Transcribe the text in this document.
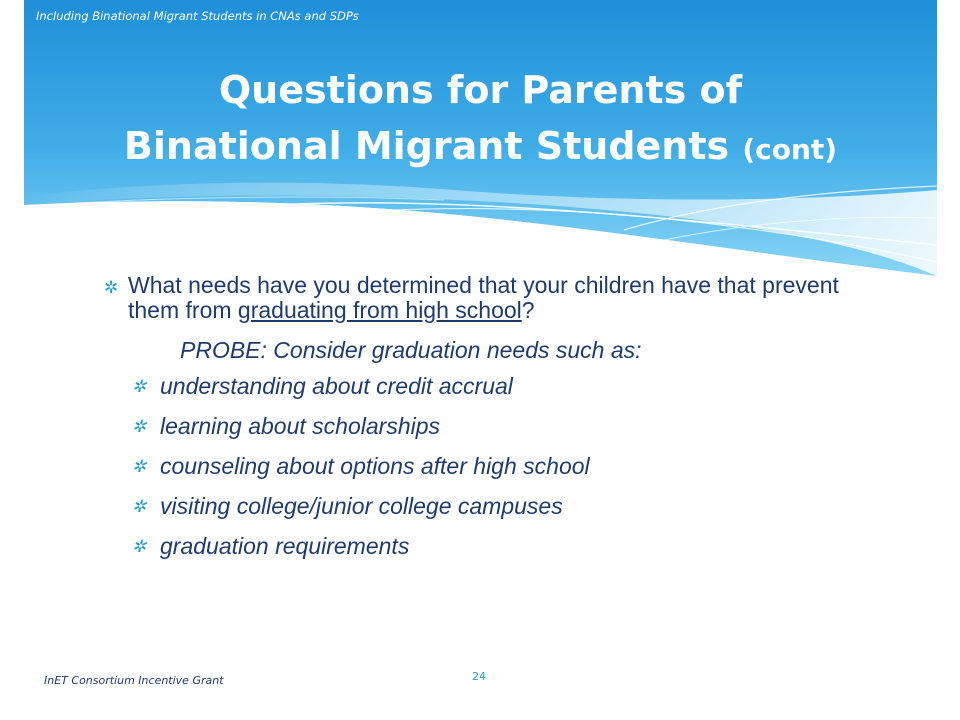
Including Binational Migrant Students in CNAs and SDPs
Questions for Parents of
Binational Migrant Students (cont)
✲ What needs have you determined that your children have that prevent them from graduating from high school?

PROBE: Consider graduation needs such as:
✲ understanding about credit accrual
✲ learning about scholarships
✲ counseling about options after high school
✲ visiting college/junior college campuses
✲ graduation requirements
InET Consortium Incentive Grant	24
